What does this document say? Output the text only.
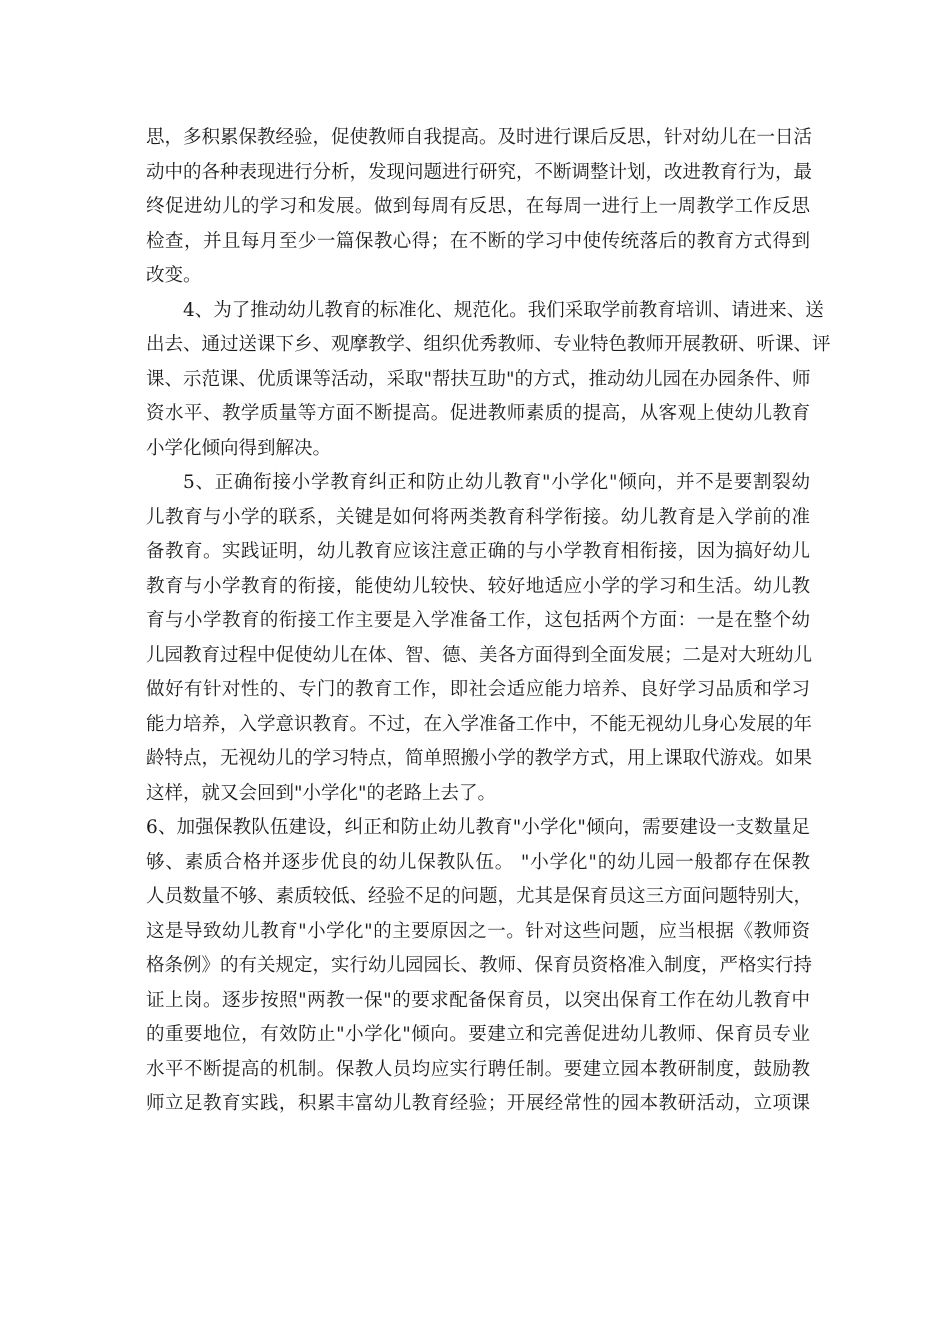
思，多积累保教经验，促使教师自我提高。及时进行课后反思，针对幼儿在一日活
动中的各种表现进行分析，发现问题进行研究，不断调整计划，改进教育行为，最
终促进幼儿的学习和发展。做到每周有反思，在每周一进行上一周教学工作反思
检查，并且每月至少一篇保教心得；在不断的学习中使传统落后的教育方式得到
改变。
4、为了推动幼儿教育的标准化、规范化。我们采取学前教育培训、请进来、送
出去、通过送课下乡、观摩教学、组织优秀教师、专业特色教师开展教研、听课、评
课、示范课、优质课等活动，采取"帮扶互助"的方式，推动幼儿园在办园条件、师
资水平、教学质量等方面不断提高。促进教师素质的提高，从客观上使幼儿教育
小学化倾向得到解决。
5、正确衔接小学教育纠正和防止幼儿教育"小学化"倾向，并不是要割裂幼
儿教育与小学的联系，关键是如何将两类教育科学衔接。幼儿教育是入学前的准
备教育。实践证明，幼儿教育应该注意正确的与小学教育相衔接，因为搞好幼儿
教育与小学教育的衔接，能使幼儿较快、较好地适应小学的学习和生活。幼儿教
育与小学教育的衔接工作主要是入学准备工作，这包括两个方面：一是在整个幼
儿园教育过程中促使幼儿在体、智、德、美各方面得到全面发展；二是对大班幼儿
做好有针对性的、专门的教育工作，即社会适应能力培养、良好学习品质和学习
能力培养，入学意识教育。不过，在入学准备工作中，不能无视幼儿身心发展的年
龄特点，无视幼儿的学习特点，简单照搬小学的教学方式，用上课取代游戏。如果
这样，就又会回到"小学化"的老路上去了。
6、加强保教队伍建设，纠正和防止幼儿教育"小学化"倾向，需要建设一支数量足
够、素质合格并逐步优良的幼儿保教队伍。 "小学化"的幼儿园一般都存在保教
人员数量不够、素质较低、经验不足的问题，尤其是保育员这三方面问题特别大，
这是导致幼儿教育"小学化"的主要原因之一。针对这些问题，应当根据《教师资
格条例》的有关规定，实行幼儿园园长、教师、保育员资格准入制度，严格实行持
证上岗。逐步按照"两教一保"的要求配备保育员，以突出保育工作在幼儿教育中
的重要地位，有效防止"小学化"倾向。要建立和完善促进幼儿教师、保育员专业
水平不断提高的机制。保教人员均应实行聘任制。要建立园本教研制度，鼓励教
师立足教育实践，积累丰富幼儿教育经验；开展经常性的园本教研活动，立项课
